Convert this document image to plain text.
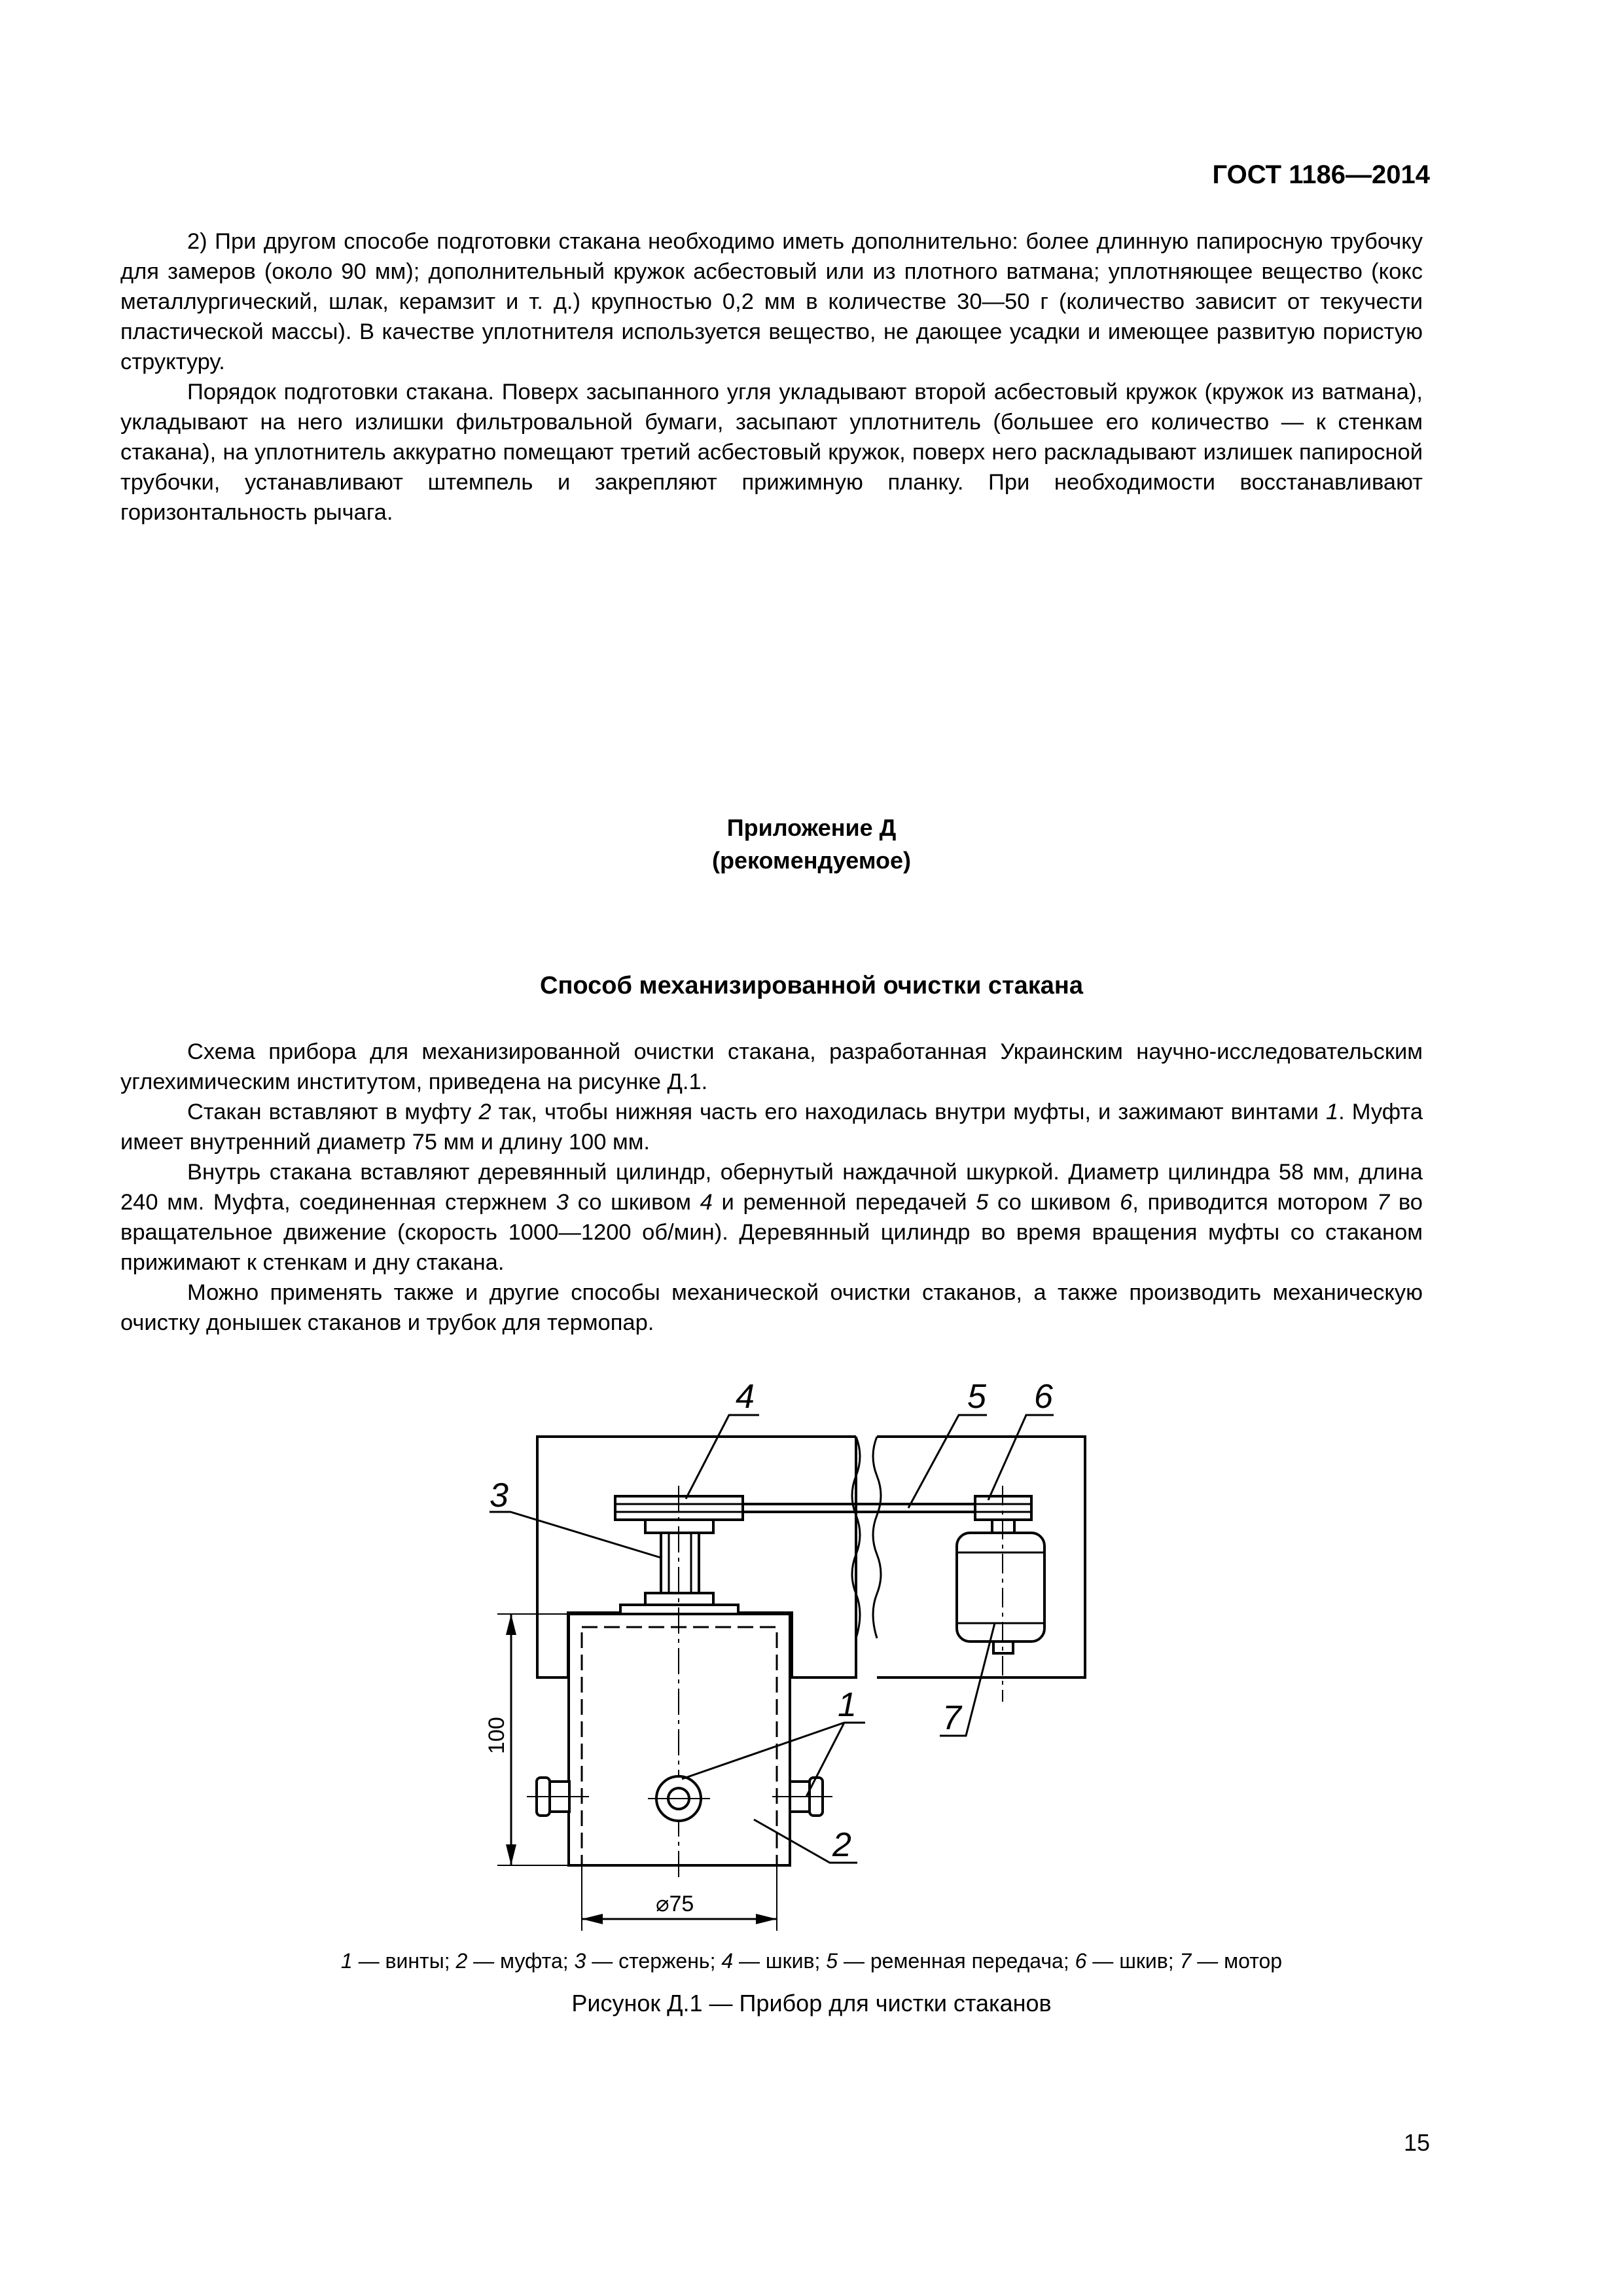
ГОСТ 1186—2014

2) При другом способе подготовки стакана необходимо иметь дополнительно: более длинную папиросную трубочку для замеров (около 90 мм); дополнительный кружок асбестовый или из плотного ватмана; уплотняющее вещество (кокс металлургический, шлак, керамзит и т. д.) крупностью 0,2 мм в количестве 30—50 г (количество зависит от текучести пластической массы). В качестве уплотнителя используется вещество, не дающее усадки и имеющее развитую пористую структуру.

Порядок подготовки стакана. Поверх засыпанного угля укладывают второй асбестовый кружок (кружок из ватмана), укладывают на него излишки фильтровальной бумаги, засыпают уплотнитель (большее его количество — к стенкам стакана), на уплотнитель аккуратно помещают третий асбестовый кружок, поверх него раскладывают излишек папиросной трубочки, устанавливают штемпель и закрепляют прижимную планку. При необходимости восстанавливают горизонтальность рычага.

Приложение Д
(рекомендуемое)
Способ механизированной очистки стакана

Схема прибора для механизированной очистки стакана, разработанная Украинским научно-исследовательским углехимическим институтом, приведена на рисунке Д.1.

Стакан вставляют в муфту 2 так, чтобы нижняя часть его находилась внутри муфты, и зажимают винтами 1. Муфта имеет внутренний диаметр 75 мм и длину 100 мм.

Внутрь стакана вставляют деревянный цилиндр, обернутый наждачной шкуркой. Диаметр цилиндра 58 мм, длина 240 мм. Муфта, соединенная стержнем 3 со шкивом 4 и ременной передачей 5 со шкивом 6, приводится мотором 7 во вращательное движение (скорость 1000—1200 об/мин). Деревянный цилиндр во время вращения муфты со стаканом прижимают к стенкам и дну стакана.

Можно применять также и другие способы механической очистки стаканов, а также производить механическую очистку донышек стаканов и трубок для термопар.

4	5 6
3
7
1
2
100
⌀75
1 — винты; 2 — муфта; 3 — стержень; 4 — шкив; 5 — ременная передача; 6 — шкив; 7 — мотор
Рисунок Д.1 — Прибор для чистки стаканов
15
